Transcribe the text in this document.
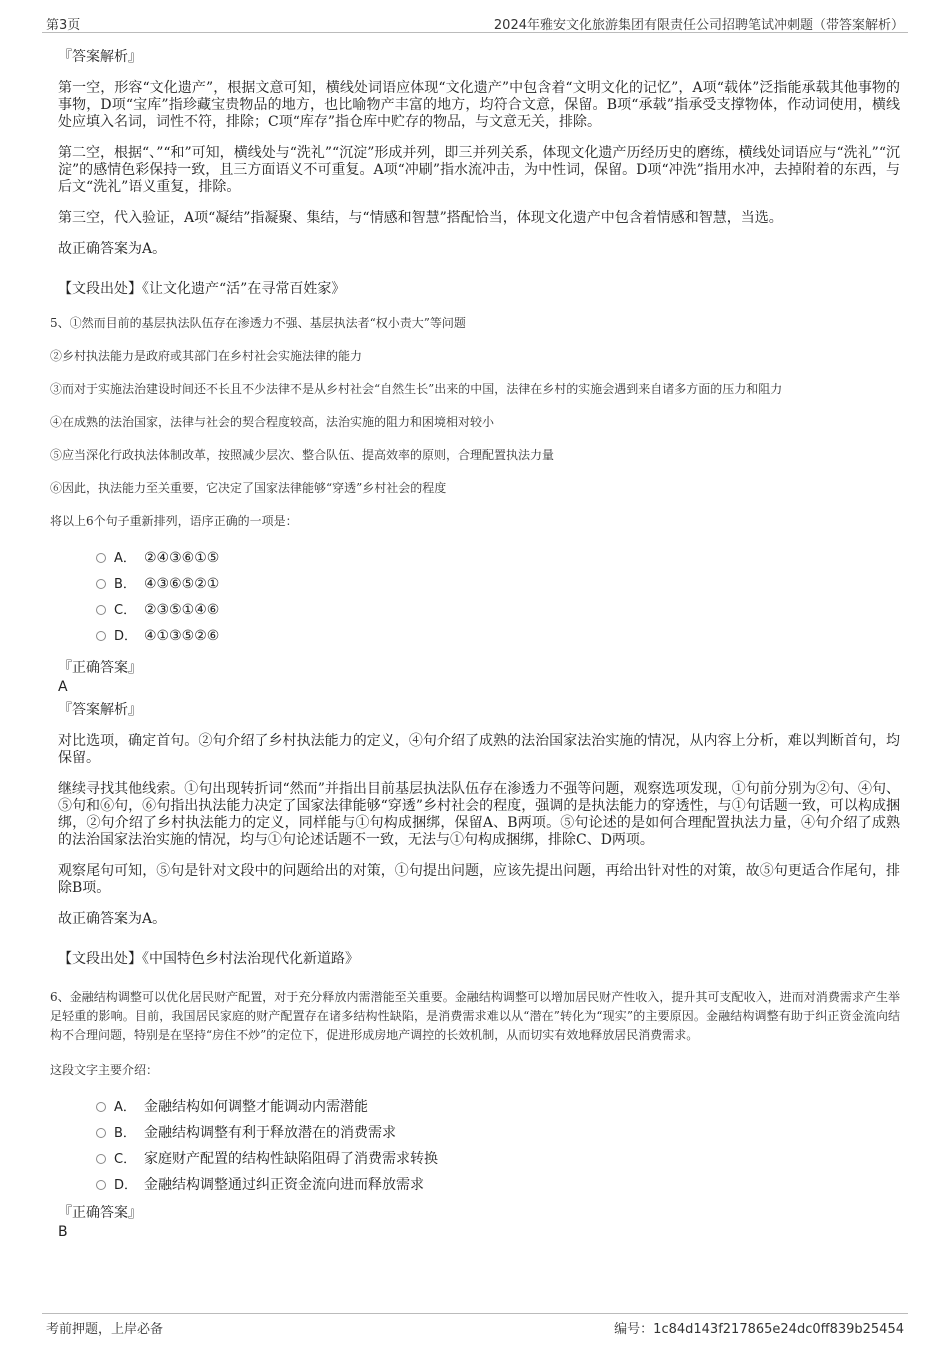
第3页	2024年雅安文化旅游集团有限责任公司招聘笔试冲刺题（带答案解析）
『答案解析』
第一空，形容“文化遗产”，根据文意可知，横线处词语应体现“文化遗产”中包含着“文明文化的记忆”，A项“载体”泛指能承载其他事物的事物，D项“宝库”指珍藏宝贵物品的地方，也比喻物产丰富的地方，均符合文意，保留。B项“承载”指承受支撑物体，作动词使用，横线处应填入名词，词性不符，排除；C项“库存”指仓库中贮存的物品，与文意无关，排除。
第二空，根据“、”“和”可知，横线处与“洗礼”“沉淀”形成并列，即三并列关系，体现文化遗产历经历史的磨练，横线处词语应与“洗礼”“沉淀”的感情色彩保持一致，且三方面语义不可重复。A项“冲刷”指水流冲击，为中性词，保留。D项“冲洗”指用水冲，去掉附着的东西，与后文“洗礼”语义重复，排除。
第三空，代入验证，A项“凝结”指凝聚、集结，与“情感和智慧”搭配恰当，体现文化遗产中包含着情感和智慧，当选。
故正确答案为A。
【文段出处】《让文化遗产“活”在寻常百姓家》
5、①然而目前的基层执法队伍存在渗透力不强、基层执法者“权小责大”等问题
②乡村执法能力是政府或其部门在乡村社会实施法律的能力
③而对于实施法治建设时间还不长且不少法律不是从乡村社会“自然生长”出来的中国，法律在乡村的实施会遇到来自诸多方面的压力和阻力
④在成熟的法治国家，法律与社会的契合程度较高，法治实施的阻力和困境相对较小
⑤应当深化行政执法体制改革，按照减少层次、整合队伍、提高效率的原则，合理配置执法力量
⑥因此，执法能力至关重要，它决定了国家法律能够“穿透”乡村社会的程度
将以上6个句子重新排列，语序正确的一项是：
A． ②④③⑥①⑤
B． ④③⑥⑤②①
C． ②③⑤①④⑥
D． ④①③⑤②⑥
『正确答案』
A
『答案解析』
对比选项，确定首句。②句介绍了乡村执法能力的定义，④句介绍了成熟的法治国家法治实施的情况，从内容上分析，难以判断首句，均保留。
继续寻找其他线索。①句出现转折词“然而”并指出目前基层执法队伍存在渗透力不强等问题，观察选项发现，①句前分别为②句、④句、⑤句和⑥句，⑥句指出执法能力决定了国家法律能够“穿透”乡村社会的程度，强调的是执法能力的穿透性，与①句话题一致，可以构成捆绑，②句介绍了乡村执法能力的定义，同样能与①句构成捆绑，保留A、B两项。⑤句论述的是如何合理配置执法力量，④句介绍了成熟的法治国家法治实施的情况，均与①句论述话题不一致，无法与①句构成捆绑，排除C、D两项。
观察尾句可知，⑤句是针对文段中的问题给出的对策，①句提出问题，应该先提出问题，再给出针对性的对策，故⑤句更适合作尾句，排除B项。
故正确答案为A。
【文段出处】《中国特色乡村法治现代化新道路》
6、金融结构调整可以优化居民财产配置，对于充分释放内需潜能至关重要。金融结构调整可以增加居民财产性收入，提升其可支配收入，进而对消费需求产生举足轻重的影响。目前，我国居民家庭的财产配置存在诸多结构性缺陷，是消费需求难以从“潜在”转化为“现实”的主要原因。金融结构调整有助于纠正资金流向结构不合理问题，特别是在坚持“房住不炒”的定位下，促进形成房地产调控的长效机制，从而切实有效地释放居民消费需求。
这段文字主要介绍：
A． 金融结构如何调整才能调动内需潜能
B． 金融结构调整有利于释放潜在的消费需求
C． 家庭财产配置的结构性缺陷阻碍了消费需求转换
D． 金融结构调整通过纠正资金流向进而释放需求
『正确答案』
B
考前押题，上岸必备	编号：1c84d143f217865e24dc0ff839b25454
